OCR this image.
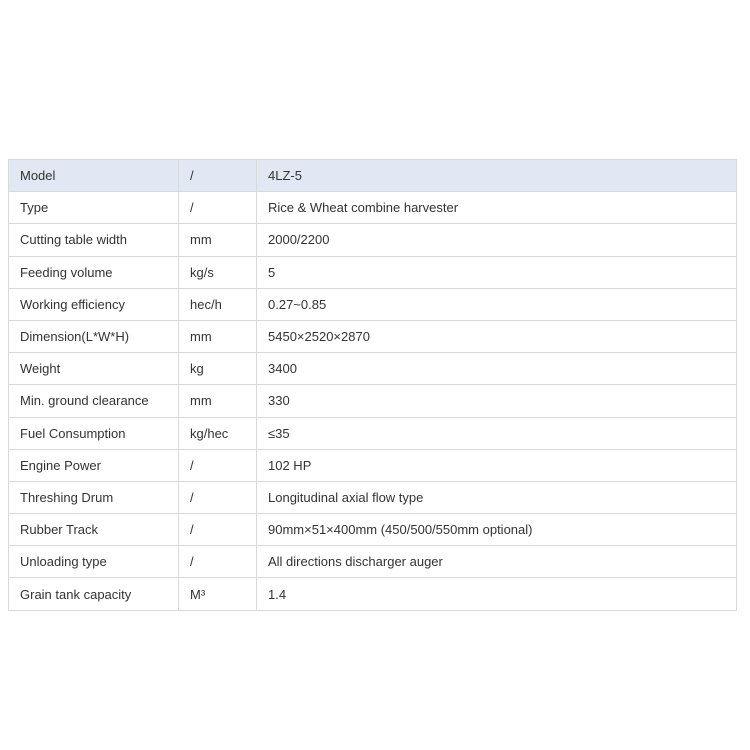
Model	/	4LZ-5
Type	/	Rice & Wheat combine harvester
Cutting table width	mm	2000/2200
Feeding volume	kg/s	5
Working efficiency	hec/h	0.27~0.85
Dimension(L*W*H)	mm	5450×2520×2870
Weight	kg	3400
Min. ground clearance	mm	330
Fuel Consumption	kg/hec	≤35
Engine Power	/	102 HP
Threshing Drum	/	Longitudinal axial flow type
Rubber Track	/	90mm×51×400mm (450/500/550mm optional)
Unloading type	/	All directions discharger auger
Grain tank capacity	M³	1.4
